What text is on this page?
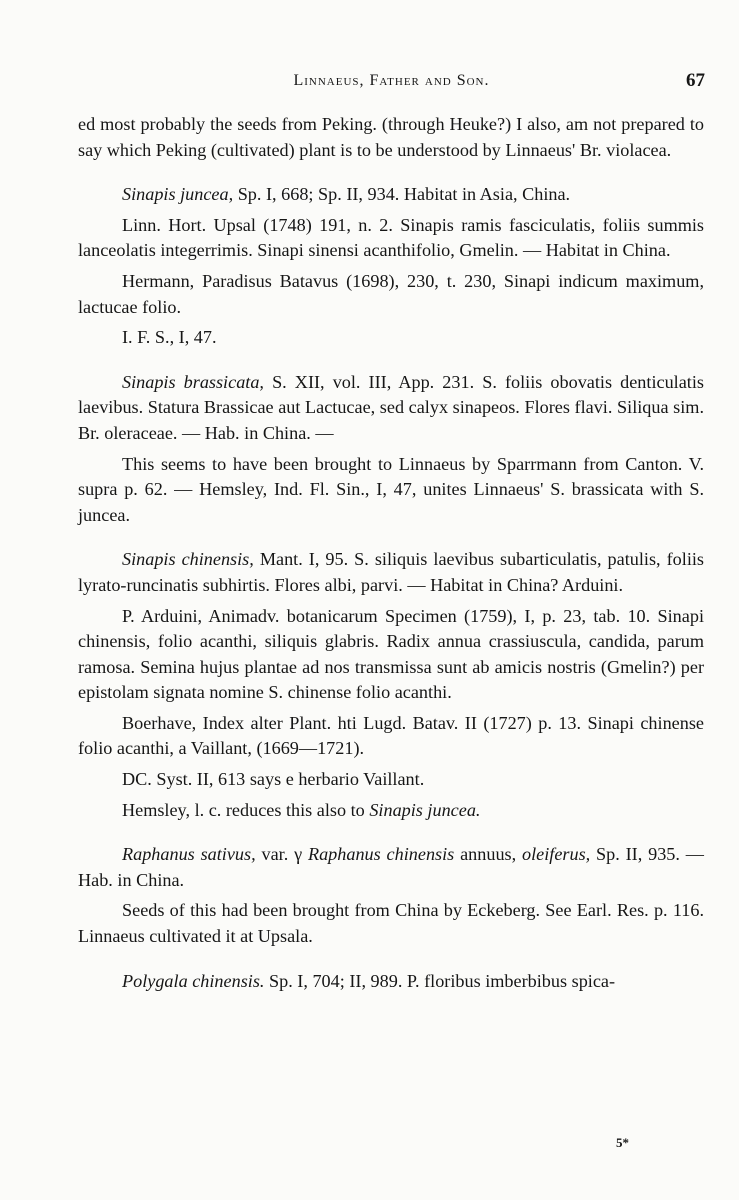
Linnaeus, Father and Son.	67

ed most probably the seeds from Peking. (through Heuke?) I also, am not prepared to say which Peking (cultivated) plant is to be understood by Linnaeus' Br. violacea.

Sinapis juncea, Sp. I, 668; Sp. II, 934. Habitat in Asia, China.

Linn. Hort. Upsal (1748) 191, n. 2. Sinapis ramis fasciculatis, foliis summis lanceolatis integerrimis. Sinapi sinensi acanthifolio, Gmelin. — Habitat in China.

Hermann, Paradisus Batavus (1698), 230, t. 230, Sinapi indicum maximum, lactucae folio.

I. F. S., I, 47.

Sinapis brassicata, S. XII, vol. III, App. 231. S. foliis obovatis denticulatis laevibus. Statura Brassicae aut Lactucae, sed calyx sinapeos. Flores flavi. Siliqua sim. Br. oleraceae. — Hab. in China. —

This seems to have been brought to Linnaeus by Sparrmann from Canton. V. supra p. 62. — Hemsley, Ind. Fl. Sin., I, 47, unites Linnaeus' S. brassicata with S. juncea.

Sinapis chinensis, Mant. I, 95. S. siliquis laevibus subarticulatis, patulis, foliis lyrato-runcinatis subhirtis. Flores albi, parvi. — Habitat in China? Arduini.

P. Arduini, Animadv. botanicarum Specimen (1759), I, p. 23, tab. 10. Sinapi chinensis, folio acanthi, siliquis glabris. Radix annua crassiuscula, candida, parum ramosa. Semina hujus plantae ad nos transmissa sunt ab amicis nostris (Gmelin?) per epistolam signata nomine S. chinense folio acanthi.

Boerhave, Index alter Plant. hti Lugd. Batav. II (1727) p. 13. Sinapi chinense folio acanthi, a Vaillant, (1669—1721).

DC. Syst. II, 613 says e herbario Vaillant.

Hemsley, l. c. reduces this also to Sinapis juncea.

Raphanus sativus, var. γ Raphanus chinensis annuus, oleiferus, Sp. II, 935. — Hab. in China.

Seeds of this had been brought from China by Eckeberg. See Earl. Res. p. 116. Linnaeus cultivated it at Upsala.

Polygala chinensis. Sp. I, 704; II, 989. P. floribus imberbibus spica-

5*
